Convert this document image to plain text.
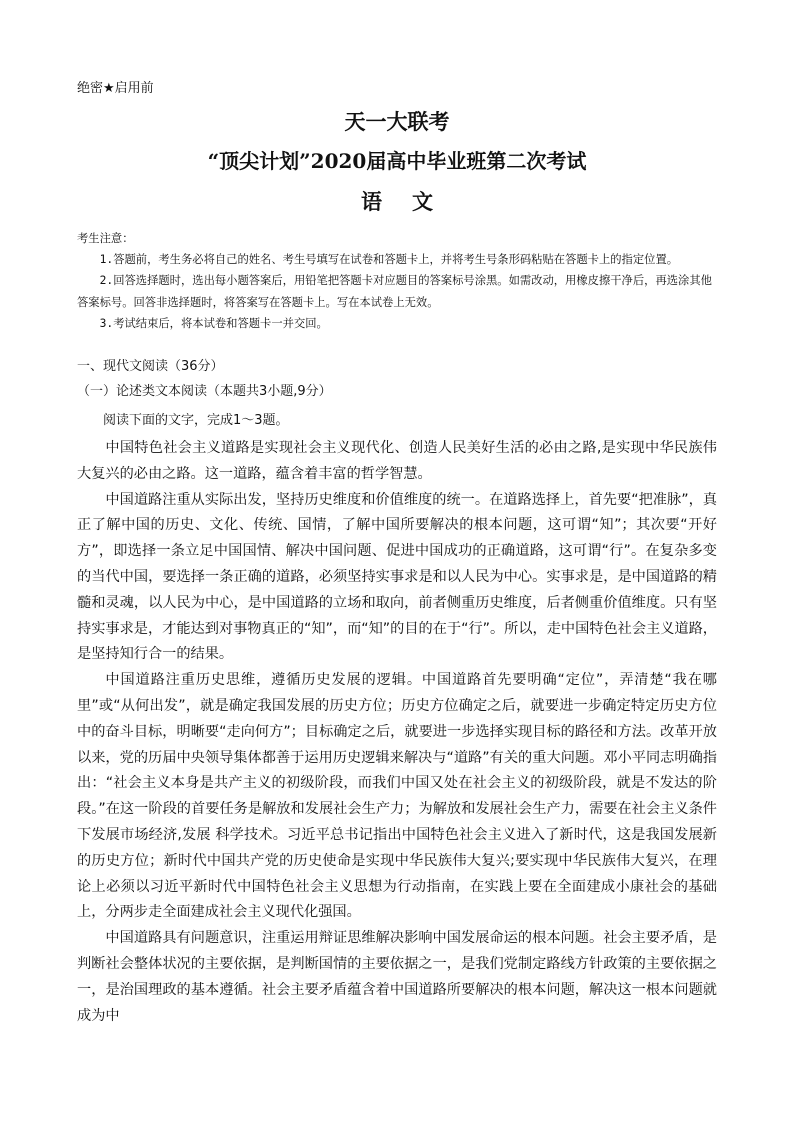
绝密★启用前
天一大联考
“顶尖计划”2020届高中毕业班第二次考试
语文

考生注意：

1.答题前，考生务必将自己的姓名、考生号填写在试卷和答题卡上，并将考生号条形码粘贴在答题卡上的指定位置。

2.回答选择题时，选出每小题答案后，用铅笔把答题卡对应题目的答案标号涂黑。如需改动，用橡皮擦干净后，再选涂其他答案标号。回答非选择题时，将答案写在答题卡上。写在本试卷上无效。

3.考试结束后，将本试卷和答题卡一并交回。

一、现代文阅读（36分）
（一）论述类文本阅读（本题共3小题,9分）
阅读下面的文字，完成1～3题。

中国特色社会主义道路是实现社会主义现代化、创造人民美好生活的必由之路,是实现中华民族伟大复兴的必由之路。这一道路，蕴含着丰富的哲学智慧。

中国道路注重从实际出发，坚持历史维度和价值维度的统一。在道路选择上，首先要“把准脉”，真正了解中国的历史、文化、传统、国情，了解中国所要解决的根本问题，这可谓“知”；其次要“开好方”，即选择一条立足中国国情、解决中国问题、促进中国成功的正确道路，这可谓“行”。在复杂多变的当代中国，要选择一条正确的道路，必须坚持实事求是和以人民为中心。实事求是，是中国道路的精髓和灵魂，以人民为中心，是中国道路的立场和取向，前者侧重历史维度，后者侧重价值维度。只有坚持实事求是，才能达到对事物真正的“知”，而“知”的目的在于“行”。所以，走中国特色社会主义道路，是坚持知行合一的结果。

中国道路注重历史思维，遵循历史发展的逻辑。中国道路首先要明确“定位”，弄清楚“我在哪里”或“从何出发”，就是确定我国发展的历史方位；历史方位确定之后，就要进一步确定特定历史方位中的奋斗目标，明晰要“走向何方”；目标确定之后，就要进一步选择实现目标的路径和方法。改革开放以来，党的历届中央领导集体都善于运用历史逻辑来解决与“道路”有关的重大问题。邓小平同志明确指出：“社会主义本身是共产主义的初级阶段，而我们中国又处在社会主义的初级阶段，就是不发达的阶段。”在这一阶段的首要任务是解放和发展社会生产力；为解放和发展社会生产力，需要在社会主义条件下发展市场经济,发展 科学技术。习近平总书记指出中国特色社会主义进入了新时代，这是我国发展新的历史方位；新时代中国共产党的历史使命是实现中华民族伟大复兴;要实现中华民族伟大复兴，在理论上必须以习近平新时代中国特色社会主义思想为行动指南，在实践上要在全面建成小康社会的基础上，分两步走全面建成社会主义现代化强国。

中国道路具有问题意识，注重运用辩证思维解决影响中国发展命运的根本问题。社会主要矛盾，是判断社会整体状况的主要依据，是判断国情的主要依据之一，是我们党制定路线方针政策的主要依据之一，是治国理政的基本遵循。社会主要矛盾蕴含着中国道路所要解决的根本问题，解决这一根本问题就成为中
